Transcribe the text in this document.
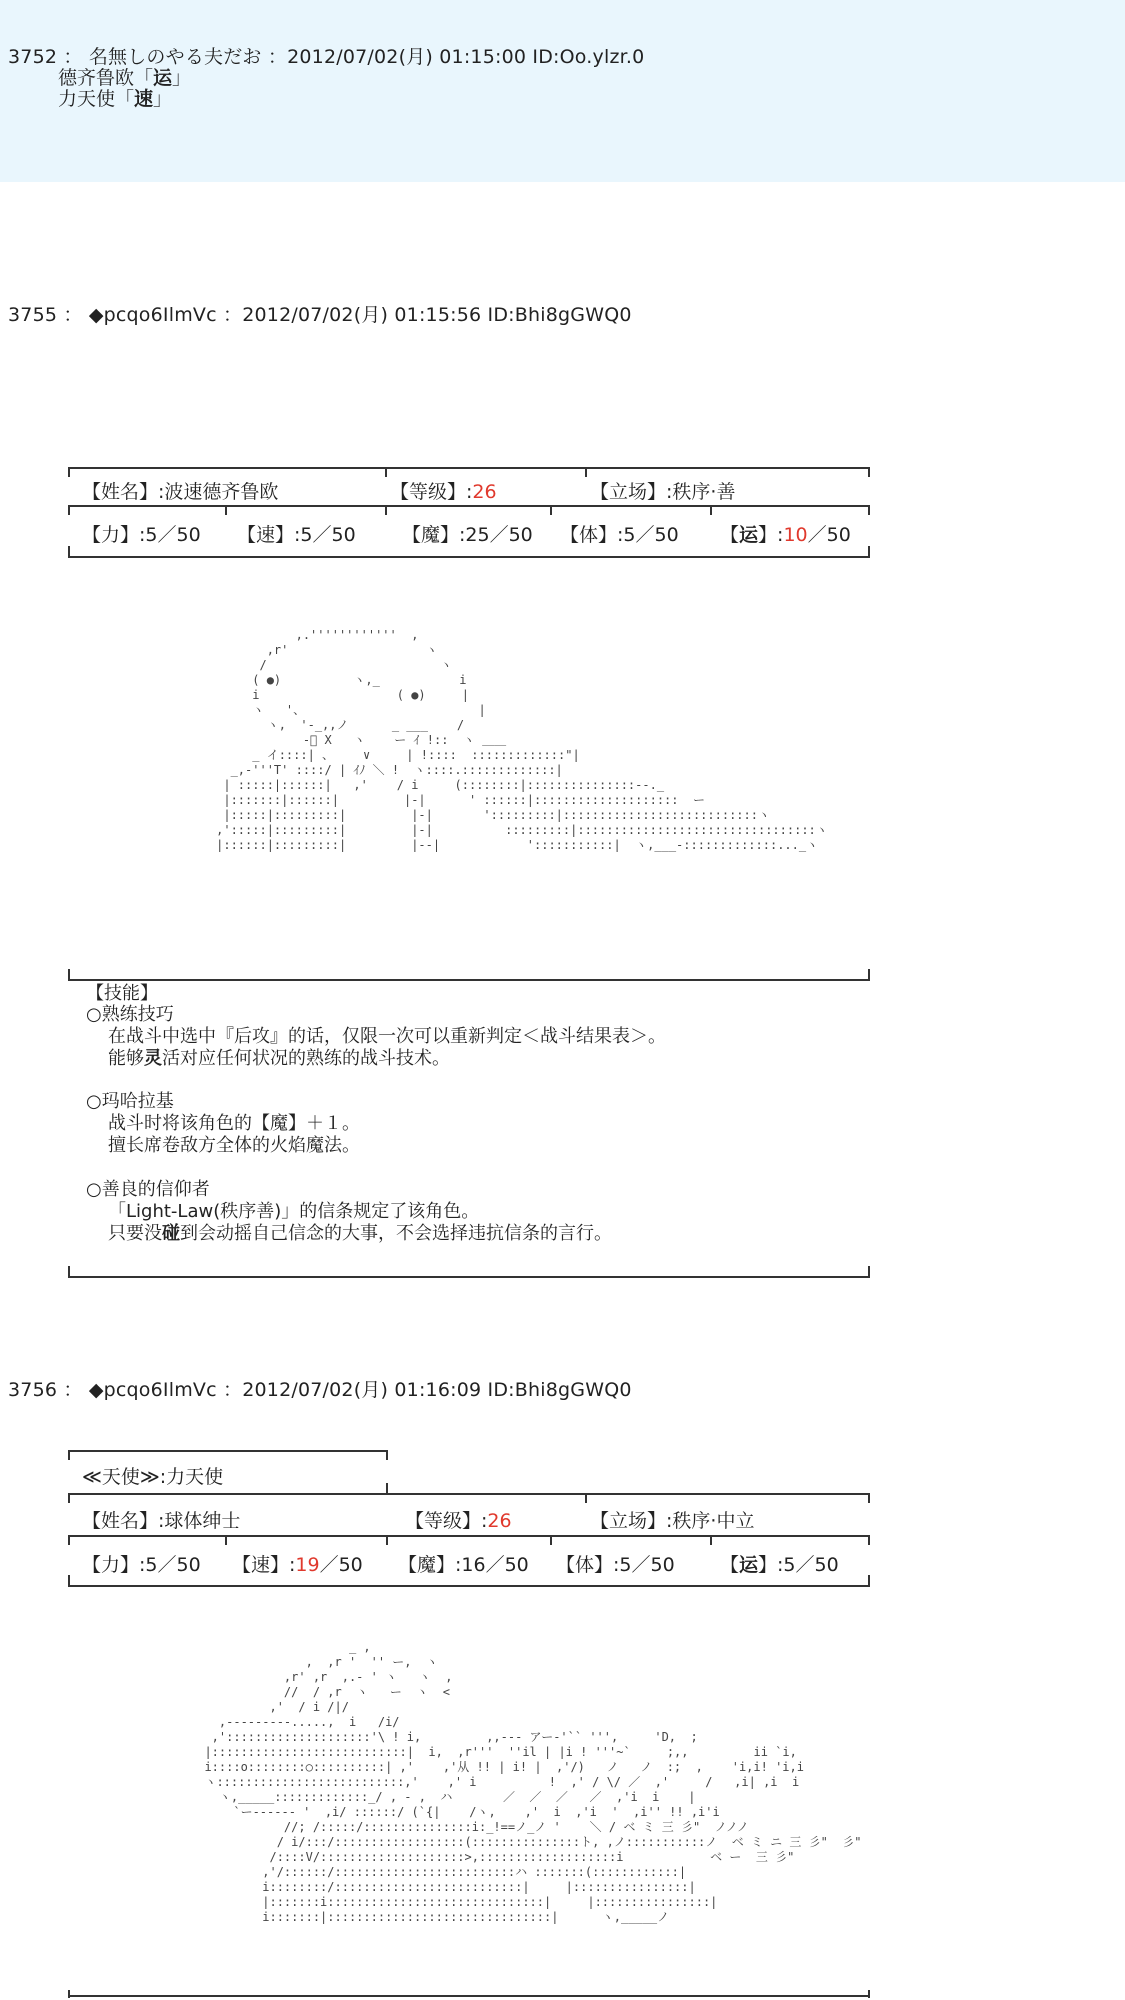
3752 ： 名無しのやる夫だお ：2012/07/02(月) 01:15:00 ID:Oo.ylzr.0
德齐鲁欧「运」
力天使「速」
3755 ： ◆pcqo6IlmVc ：2012/07/02(月) 01:15:56 ID:Bhi8gGWQ0
【姓名】:波速德齐鲁欧	【等级】:26	【立场】:秩序·善
【力】:5／50 【速】:5／50 【魔】:25／50 【体】:5／50 【运】:10／50
,.''''''''''''  ,
,r'                   ヽ
/                        ヽ
( ●)          ヽ,_           i
i                   ( ●)     |
ヽ   '、                        |
ヽ,  '-_,,ノ      _ ___    /
‐ﾞ X   ヽ    ー ｲ !::  ヽ ＿＿
_ イ::::| 、    ∨     | !::::  :::::::::::::"|
_,-'''T' ::::/ | ｲﾉ ＼ !  ヽ::::.:::::::::::::|
| :::::|::::::|   ,'    / i     (::::::::|:::::::::::::::‐-._
|:::::::|::::::|         |-|      ' ::::::|::::::::::::::::::::  ー
|:::::|:::::::::|         |-|       ':::::::::|:::::::::::::::::::::::::::ヽ
,':::::|:::::::::|         |-|          :::::::::|:::::::::::::::::::::::::::::::::ヽ
|::::::|:::::::::|         |--|            ':::::::::::|  ヽ,___-:::::::::::::..._ヽ

【技能】
○熟练技巧
在战斗中选中『后攻』的话，仅限一次可以重新判定＜战斗结果表＞。
能够灵活对应任何状况的熟练的战斗技术。
○玛哈拉基
战斗时将该角色的【魔】＋１。
擅长席卷敌方全体的火焰魔法。
○善良的信仰者
「Light-Law(秩序善)」的信条规定了该角色。
只要没碰到会动摇自己信念的大事，不会选择违抗信条的言行。
3756 ： ◆pcqo6IlmVc ：2012/07/02(月) 01:16:09 ID:Bhi8gGWQ0
≪天使≫:力天使
【姓名】:球体绅士	【等级】:26	【立场】:秩序·中立
【力】:5／50 【速】:19／50 【魔】:16／50 【体】:5／50 【运】:5／50
_ ,
,  ,r '  '' ー,  ヽ
,r' ,r  ,.- ' ヽ   ヽ  ,
//  / ,r  ヽ   ー  ヽ  <
,'  / i /|/
,---------.....,  i   /i/
,'::::::::::::::::::::'\ ! i,         ,,--‐ アー‐'`` ''',     'D,  ;
|:::::::::::::::::::::::::::|  i,  ,r'''  ''il | |i ! '''~`     ;,,         ii `i,
i::::o::::::::○::::::::::| ,'    ,'从 !! | i! |  ,'/)   ノ   ノ  :;  ,    'i,i! 'i,i
ヽ::::::::::::::::::::::::::,'    ,' i          !  ,' / \/ ／  ,'     /   ,i| ,i  i
ヽ,_____:::::::::::::_/ , - ,  ハ       ／  ／  ／   ／  ,'i  i    |
`ー-----‐ '  ,i/ ::::::/ (`{|    /ヽ,    ,'  i  ,'i  '  ,i'' !! ,i'i
//; /:::::/:::::::::::::::i:_!==ノ_ノ '    ＼ / ベ ミ 三 彡"  ノノノ
/ i/:::/::::::::::::::::::(:::::::::::::::ト, ,ノ:::::::::::ノ  ベ ミ ニ 三 彡"  彡"
/::::V/::::::::::::::::::::>,:::::::::::::::::::i            ベ ー  三 彡"
,'/::::::/:::::::::::::::::::::::::ハ :::::::(::::::::::::|
i::::::::/::::::::::::::::::::::::::|     |::::::::::::::::|
|:::::::i::::::::::::::::::::::::::::::|     |::::::::::::::::|
i:::::::|:::::::::::::::::::::::::::::::|      ヽ,_____ノ
